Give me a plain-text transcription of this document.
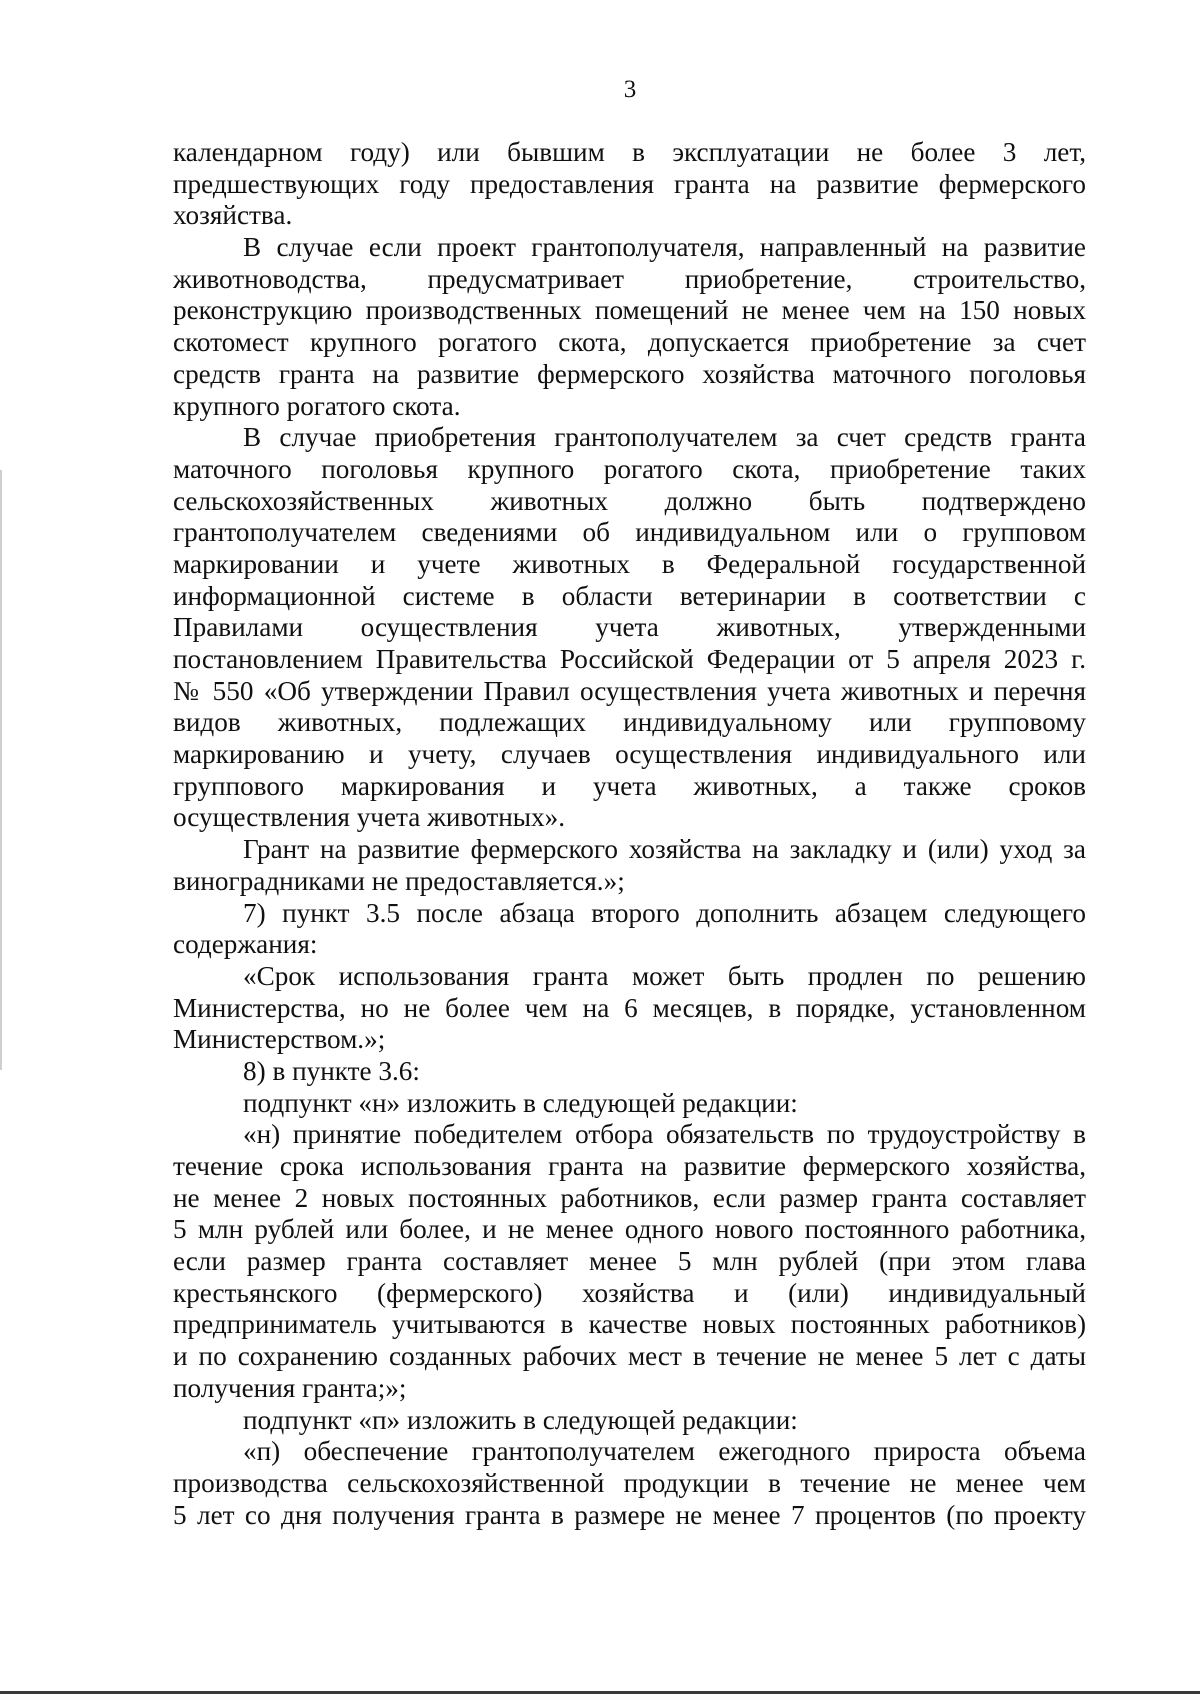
3
календарном году) или бывшим в эксплуатации не более 3 лет,
предшествующих году предоставления гранта на развитие фермерского
хозяйства.
В случае если проект грантополучателя, направленный на развитие
животноводства, предусматривает приобретение, строительство,
реконструкцию производственных помещений не менее чем на 150 новых
скотомест крупного рогатого скота, допускается приобретение за счет
средств гранта на развитие фермерского хозяйства маточного поголовья
крупного рогатого скота.
В случае приобретения грантополучателем за счет средств гранта
маточного поголовья крупного рогатого скота, приобретение таких
сельскохозяйственных животных должно быть подтверждено
грантополучателем сведениями об индивидуальном или о групповом
маркировании и учете животных в Федеральной государственной
информационной системе в области ветеринарии в соответствии с
Правилами осуществления учета животных, утвержденными
постановлением Правительства Российской Федерации от 5 апреля 2023 г.
№ 550 «Об утверждении Правил осуществления учета животных и перечня
видов животных, подлежащих индивидуальному или групповому
маркированию и учету, случаев осуществления индивидуального или
группового маркирования и учета животных, а также сроков
осуществления учета животных».
Грант на развитие фермерского хозяйства на закладку и (или) уход за
виноградниками не предоставляется.»;
7) пункт 3.5 после абзаца второго дополнить абзацем следующего
содержания:
«Срок использования гранта может быть продлен по решению
Министерства, но не более чем на 6 месяцев, в порядке, установленном
Министерством.»;
8) в пункте 3.6:
подпункт «н» изложить в следующей редакции:
«н) принятие победителем отбора обязательств по трудоустройству в
течение срока использования гранта на развитие фермерского хозяйства,
не менее 2 новых постоянных работников, если размер гранта составляет
5 млн рублей или более, и не менее одного нового постоянного работника,
если размер гранта составляет менее 5 млн рублей (при этом глава
крестьянского (фермерского) хозяйства и (или) индивидуальный
предприниматель учитываются в качестве новых постоянных работников)
и по сохранению созданных рабочих мест в течение не менее 5 лет с даты
получения гранта;»;
подпункт «п» изложить в следующей редакции:
«п) обеспечение грантополучателем ежегодного прироста объема
производства сельскохозяйственной продукции в течение не менее чем
5 лет со дня получения гранта в размере не менее 7 процентов (по проекту
